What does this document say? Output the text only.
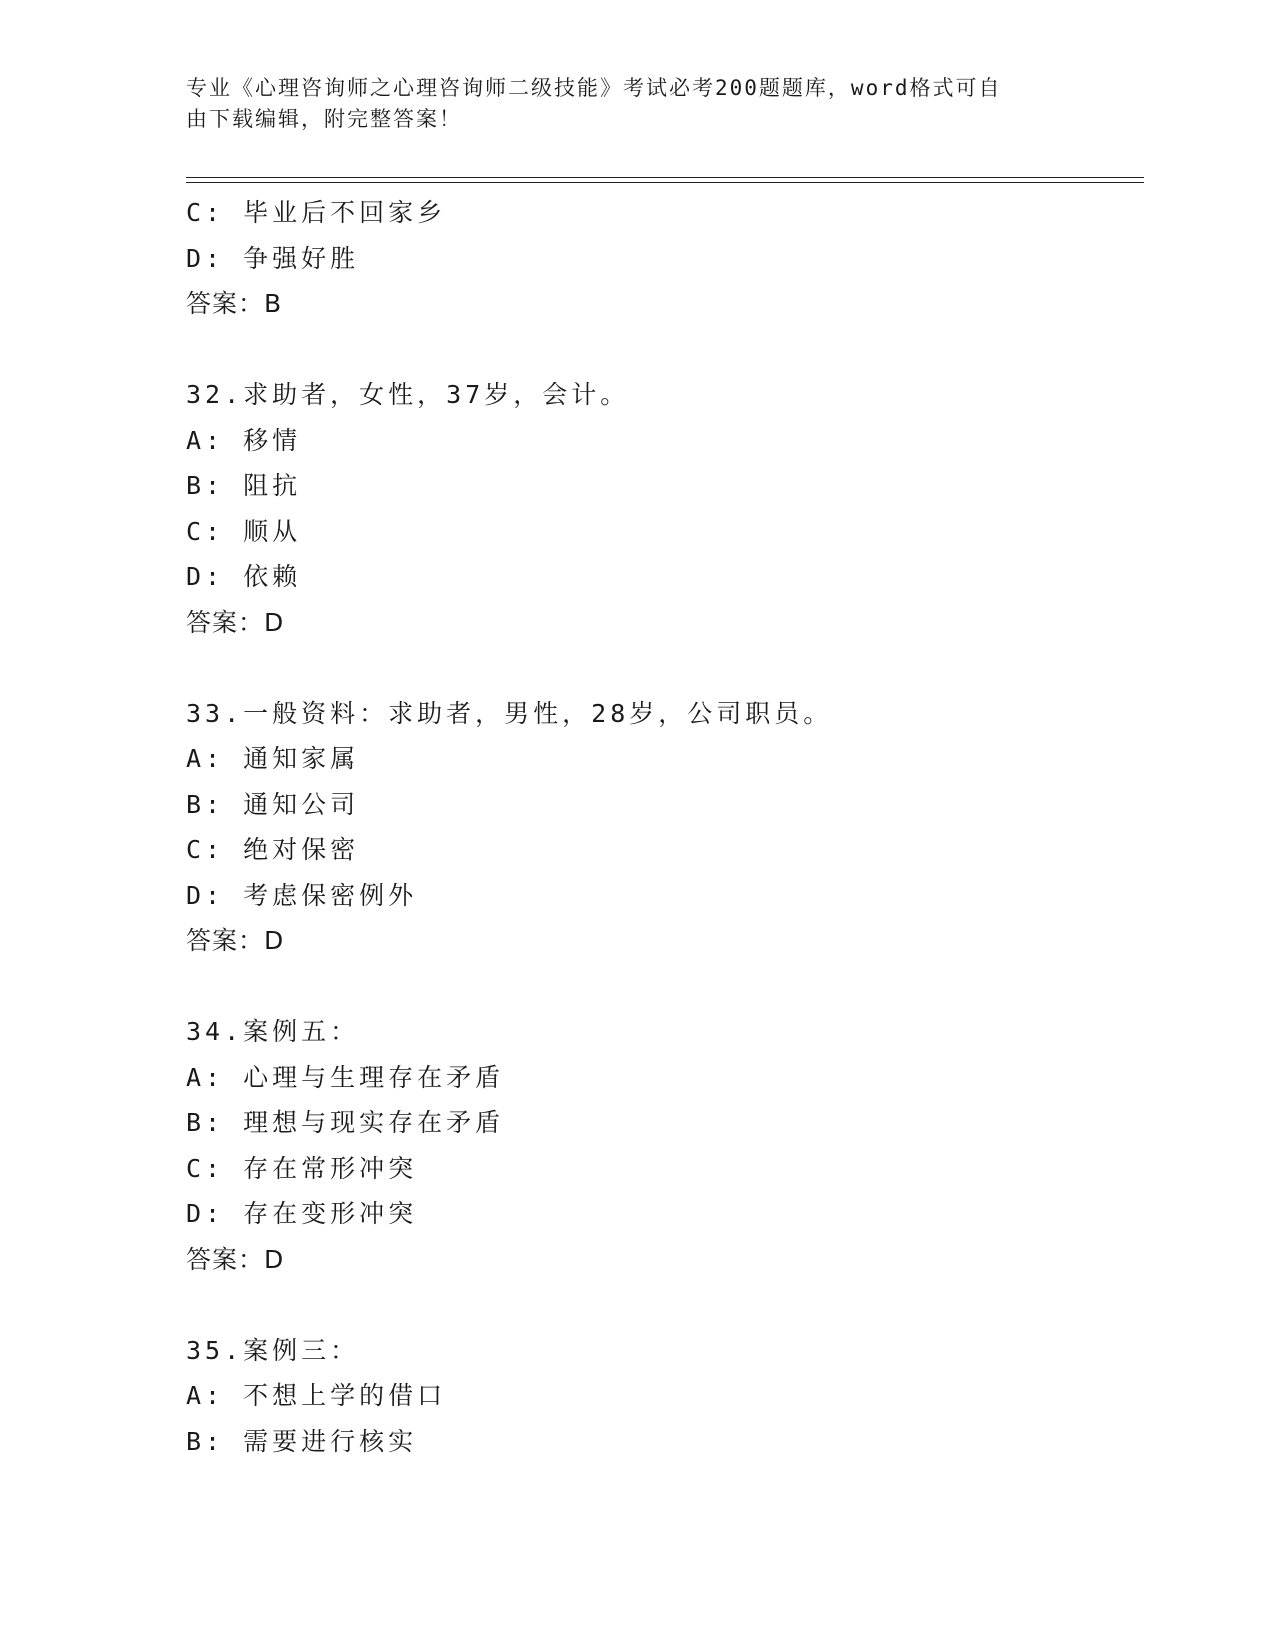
专业《心理咨询师之心理咨询师二级技能》考试必考200题题库，word格式可自
由下载编辑，附完整答案！
C: 毕业后不回家乡
D: 争强好胜
答案：B
32.求助者，女性，37岁，会计。
A: 移情
B: 阻抗
C: 顺从
D: 依赖
答案：D
33.一般资料：求助者，男性，28岁，公司职员。
A: 通知家属
B: 通知公司
C: 绝对保密
D: 考虑保密例外
答案：D
34.案例五：
A: 心理与生理存在矛盾
B: 理想与现实存在矛盾
C: 存在常形冲突
D: 存在变形冲突
答案：D
35.案例三：
A: 不想上学的借口
B: 需要进行核实
